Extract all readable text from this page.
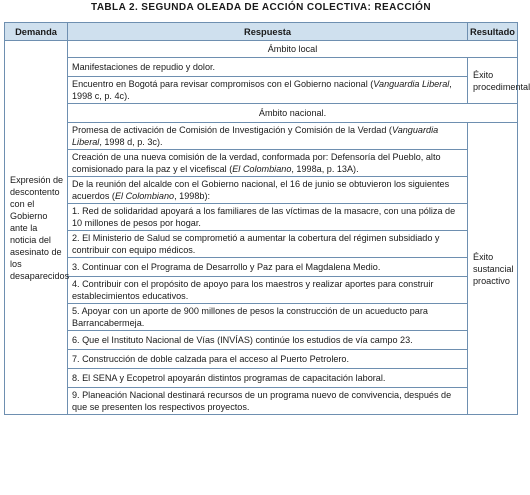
TABLA 2. SEGUNDA OLEADA DE ACCIÓN COLECTIVA: REACCIÓN
Demanda	Respuesta	Resultado
Expresión de descontento con el Gobierno ante la noticia del asesinato de los desaparecidos	Ámbito local	
	Manifestaciones de repudio y dolor.	Éxito procedimental
	Encuentro en Bogotá para revisar compromisos con el Gobierno nacional (Vanguardia Liberal, 1998 c, p. 4c).	
	Ámbito nacional.	
	Promesa de activación de Comisión de Investigación y Comisión de la Verdad (Vanguardia Liberal, 1998 d, p. 3c).	Éxito sustancial proactivo
	Creación de una nueva comisión de la verdad, conformada por: Defensoría del Pueblo, alto comisionado para la paz y el vicefiscal (El Colombiano, 1998a, p. 13A).	
	De la reunión del alcalde con el Gobierno nacional, el 16 de junio se obtuvieron los siguientes acuerdos (El Colombiano, 1998b):	
	1. Red de solidaridad apoyará a los familiares de las víctimas de la masacre, con una póliza de 10 millones de pesos por hogar.	
	2. El Ministerio de Salud se comprometió a aumentar la cobertura del régimen subsidiado y contribuir con equipo médicos.	
	3. Continuar con el Programa de Desarrollo y Paz para el Magdalena Medio.	
	4. Contribuir con el propósito de apoyo para los maestros y realizar aportes para construir establecimientos educativos.	
	5. Apoyar con un aporte de 900 millones de pesos la construcción de un acueducto para Barrancabermeja.	
	6. Que el Instituto Nacional de Vías (INVÍAS) continúe los estudios de vía campo 23.	
	7. Construcción de doble calzada para el acceso al Puerto Petrolero.	
	8. El SENA y Ecopetrol apoyarán distintos programas de capacitación laboral.	
	9. Planeación Nacional destinará recursos de un programa nuevo de convivencia, después de que se presenten los respectivos proyectos.	
